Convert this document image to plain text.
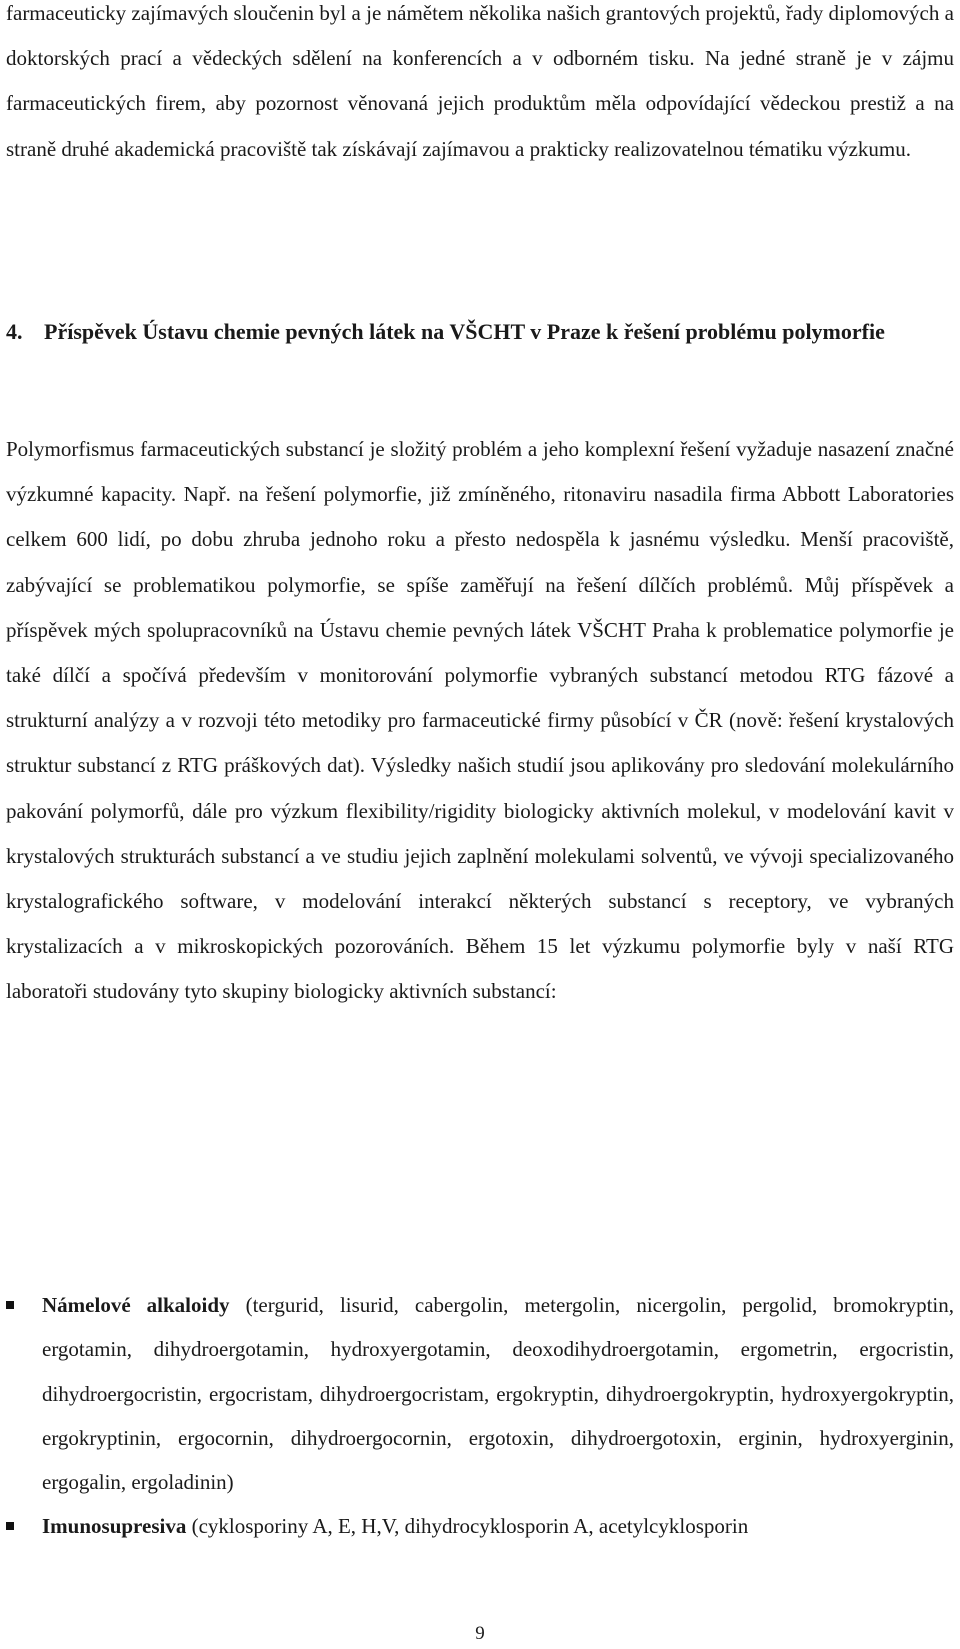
farmaceuticky zajímavých sloučenin byl a je námětem několika našich grantových projektů, řady diplomových a doktorských prací a vědeckých sdělení na konferencích a v odborném tisku. Na jedné straně je v zájmu farmaceutických firem, aby pozornost věnovaná jejich produktům měla odpovídající vědeckou prestiž a na straně druhé akademická pracoviště tak získávají zajímavou a prakticky realizovatelnou tématiku výzkumu.

4. Příspěvek Ústavu chemie pevných látek na VŠCHT v Praze k řešení problému polymorfie

Polymorfismus farmaceutických substancí je složitý problém a jeho komplexní řešení vyžaduje nasazení značné výzkumné kapacity. Např. na řešení polymorfie, již zmíněného, ritonaviru nasadila firma Abbott Laboratories celkem 600 lidí, po dobu zhruba jednoho roku a přesto nedospěla k jasnému výsledku. Menší pracoviště, zabývající se problematikou polymorfie, se spíše zaměřují na řešení dílčích problémů. Můj příspěvek a příspěvek mých spolupracovníků na Ústavu chemie pevných látek VŠCHT Praha k problematice polymorfie je také dílčí a spočívá především v monitorování polymorfie vybraných substancí metodou RTG fázové a strukturní analýzy a v rozvoji této metodiky pro farmaceutické firmy působící v ČR (nově: řešení krystalových struktur substancí z RTG práškových dat). Výsledky našich studií jsou aplikovány pro sledování molekulárního pakování polymorfů, dále pro výzkum flexibility/rigidity biologicky aktivních molekul, v modelování kavit v krystalových strukturách substancí a ve studiu jejich zaplnění molekulami solventů, ve vývoji specializovaného krystalografického software, v modelování interakcí některých substancí s receptory, ve vybraných krystalizacích a v mikroskopických pozorováních. Během 15 let výzkumu polymorfie byly v naší RTG laboratoři studovány tyto skupiny biologicky aktivních substancí:

Námelové alkaloidy (tergurid, lisurid, cabergolin, metergolin, nicergolin, pergolid, bromokryptin, ergotamin, dihydroergotamin, hydroxyergotamin, deoxodihydroergotamin, ergometrin, ergocristin, dihydroergocristin, ergocristam, dihydroergocristam, ergokryptin, dihydroergokryptin, hydroxyergokryptin, ergokryptinin, ergocornin, dihydroergocornin, ergotoxin, dihydroergotoxin, erginin, hydroxyerginin, ergogalin, ergoladinin)
Imunosupresiva (cyklosporiny A, E, H,V, dihydrocyklosporin A, acetylcyklosporin
9
